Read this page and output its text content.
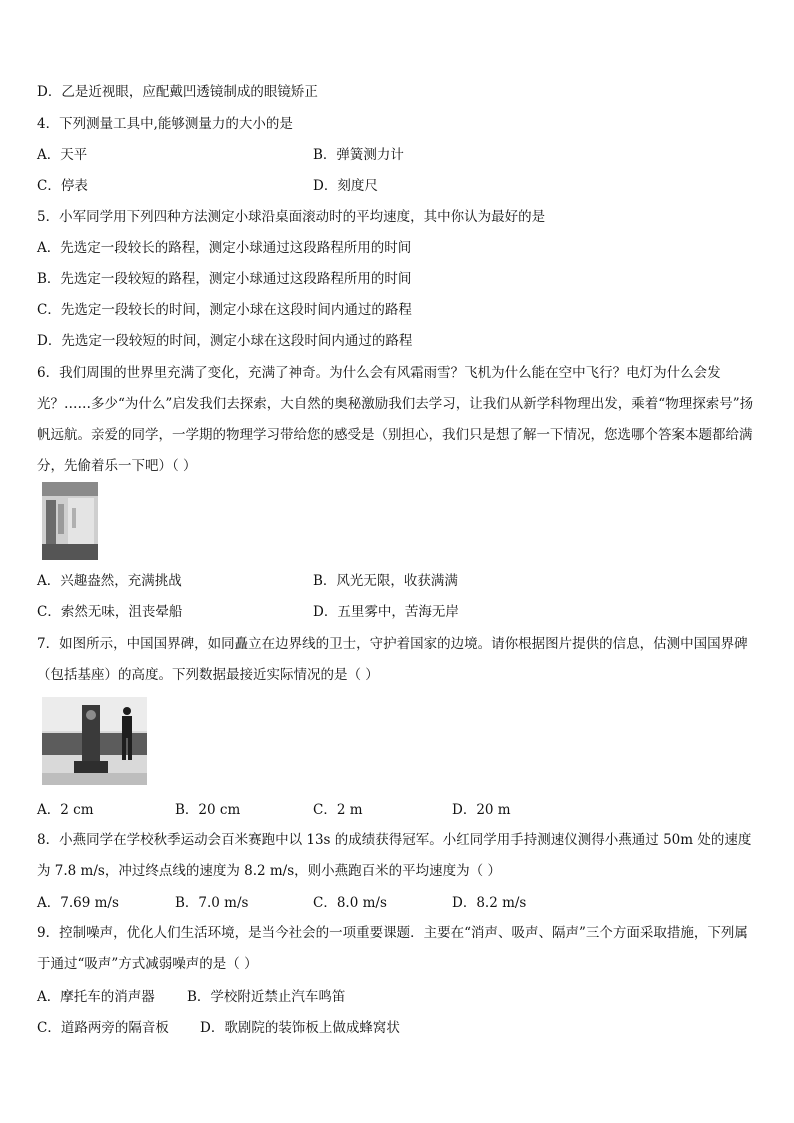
D．乙是近视眼，应配戴凹透镜制成的眼镜矫正
4．下列测量工具中,能够测量力的大小的是
A．天平	B．弹簧测力计
C．停表	D．刻度尺
5．小军同学用下列四种方法测定小球沿桌面滚动时的平均速度，其中你认为最好的是
A．先选定一段较长的路程，测定小球通过这段路程所用的时间
B．先选定一段较短的路程，测定小球通过这段路程所用的时间
C．先选定一段较长的时间，测定小球在这段时间内通过的路程
D．先选定一段较短的时间，测定小球在这段时间内通过的路程
6．我们周围的世界里充满了变化，充满了神奇。为什么会有风霜雨雪？飞机为什么能在空中飞行？电灯为什么会发光？……多少“为什么”启发我们去探索，大自然的奥秘激励我们去学习，让我们从新学科物理出发，乘着“物理探索号”扬帆远航。亲爱的同学，一学期的物理学习带给您的感受是（别担心，我们只是想了解一下情况，您选哪个答案本题都给满分，先偷着乐一下吧）（ ）
A．兴趣盎然，充满挑战	B．风光无限，收获满满
C．索然无味，沮丧晕船	D．五里雾中，苦海无岸
7．如图所示，中国国界碑，如同矗立在边界线的卫士，守护着国家的边境。请你根据图片提供的信息，估测中国国界碑（包括基座）的高度。下列数据最接近实际情况的是（ ）
A．2 cm	B．20 cm	C．2 m	D．20 m
8．小燕同学在学校秋季运动会百米赛跑中以 13s 的成绩获得冠军。小红同学用手持测速仪测得小燕通过 50m 处的速度为 7.8 m/s，冲过终点线的速度为 8.2 m/s，则小燕跑百米的平均速度为（ ）
A．7.69 m/s	B．7.0 m/s	C．8.0 m/s	D．8.2 m/s
9．控制噪声，优化人们生活环境，是当今社会的一项重要课题．主要在“消声、吸声、隔声”三个方面采取措施，下列属于通过“吸声”方式减弱噪声的是（ ）
A．摩托车的消声器 B．学校附近禁止汽车鸣笛
C．道路两旁的隔音板 D．歌剧院的装饰板上做成蜂窝状
